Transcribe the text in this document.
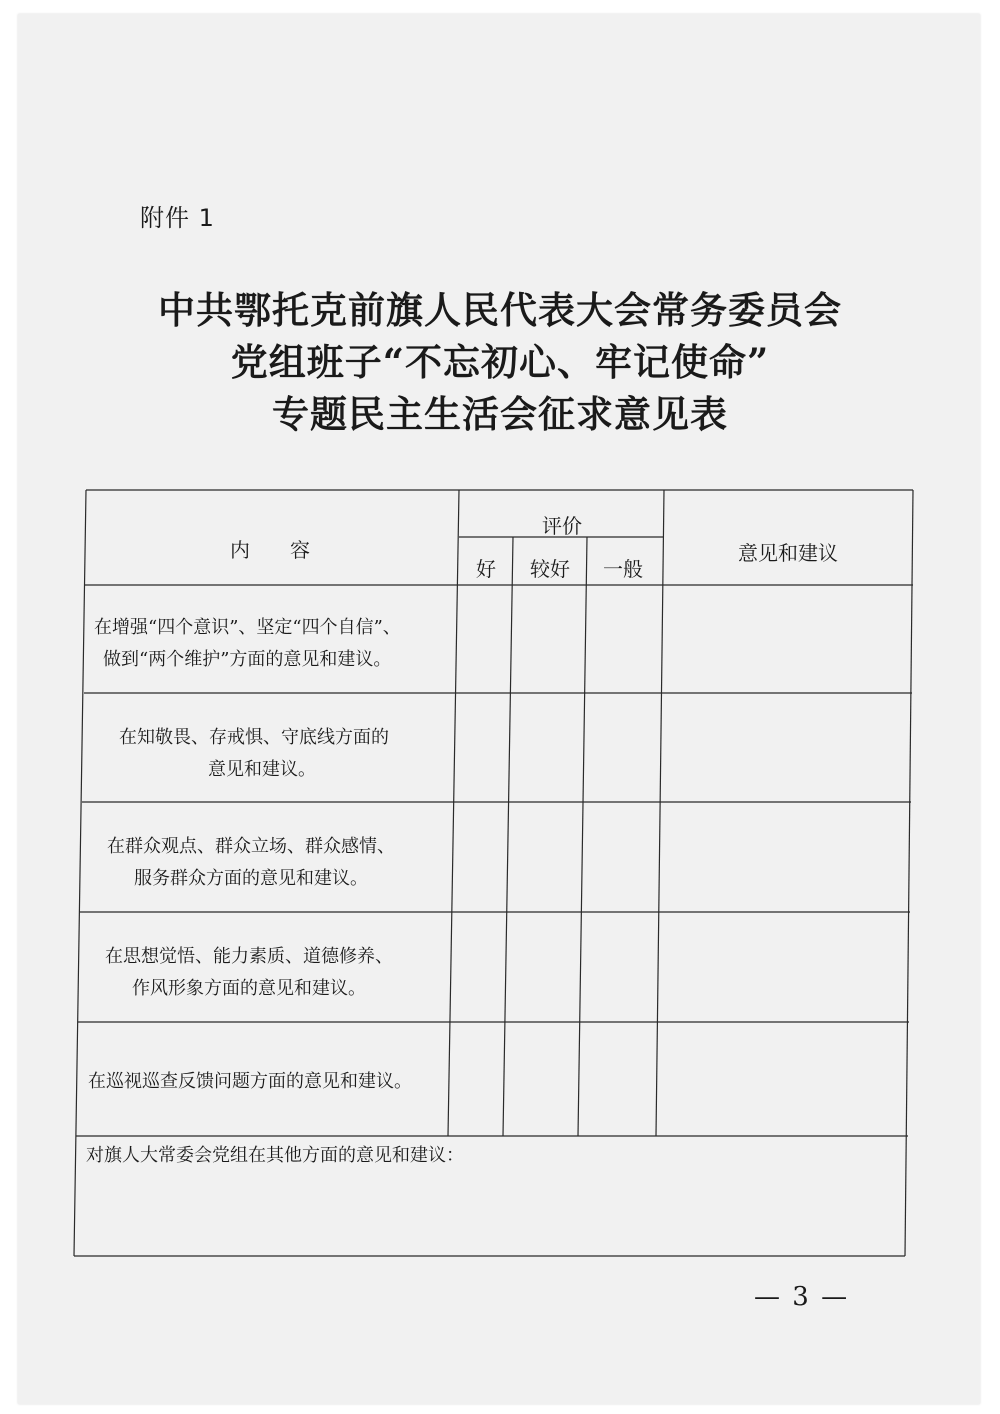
附件 1
中共鄂托克前旗人民代表大会常务委员会
党组班子“不忘初心、牢记使命”
专题民主生活会征求意见表
内　　容
评价
好 较好 一般
意见和建议
在增强“四个意识”、坚定“四个自信”、
做到“两个维护”方面的意见和建议。
在知敬畏、存戒惧、守底线方面的
意见和建议。
在群众观点、群众立场、群众感情、
服务群众方面的意见和建议。
在思想觉悟、能力素质、道德修养、
作风形象方面的意见和建议。
在巡视巡查反馈问题方面的意见和建议。
对旗人大常委会党组在其他方面的意见和建议：
— 3 —
